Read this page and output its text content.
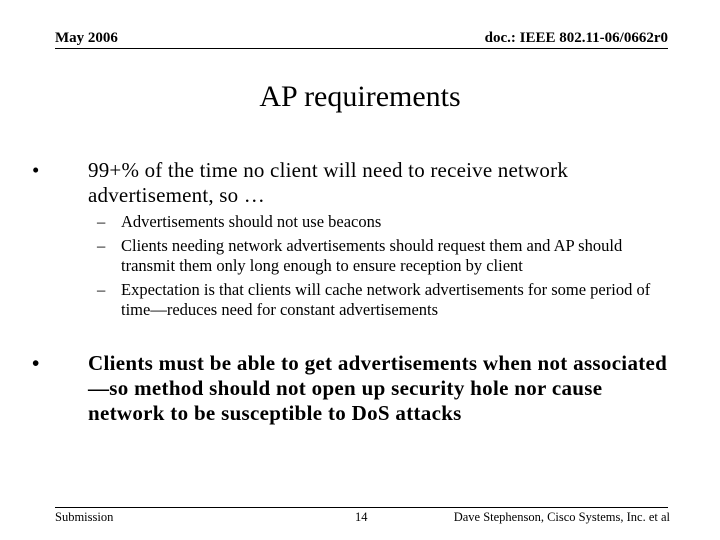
May 2006	doc.: IEEE 802.11-06/0662r0
AP requirements
• 99+% of the time no client will need to receive network advertisement, so …
– Advertisements should not use beacons
– Clients needing network advertisements should request them and AP should transmit them only long enough to ensure reception by client
– Expectation is that clients will cache network advertisements for some period of time—reduces need for constant advertisements
• Clients must be able to get advertisements when not associated—so method should not open up security hole nor cause network to be susceptible to DoS attacks
Submission	14	Dave Stephenson, Cisco Systems, Inc. et al
